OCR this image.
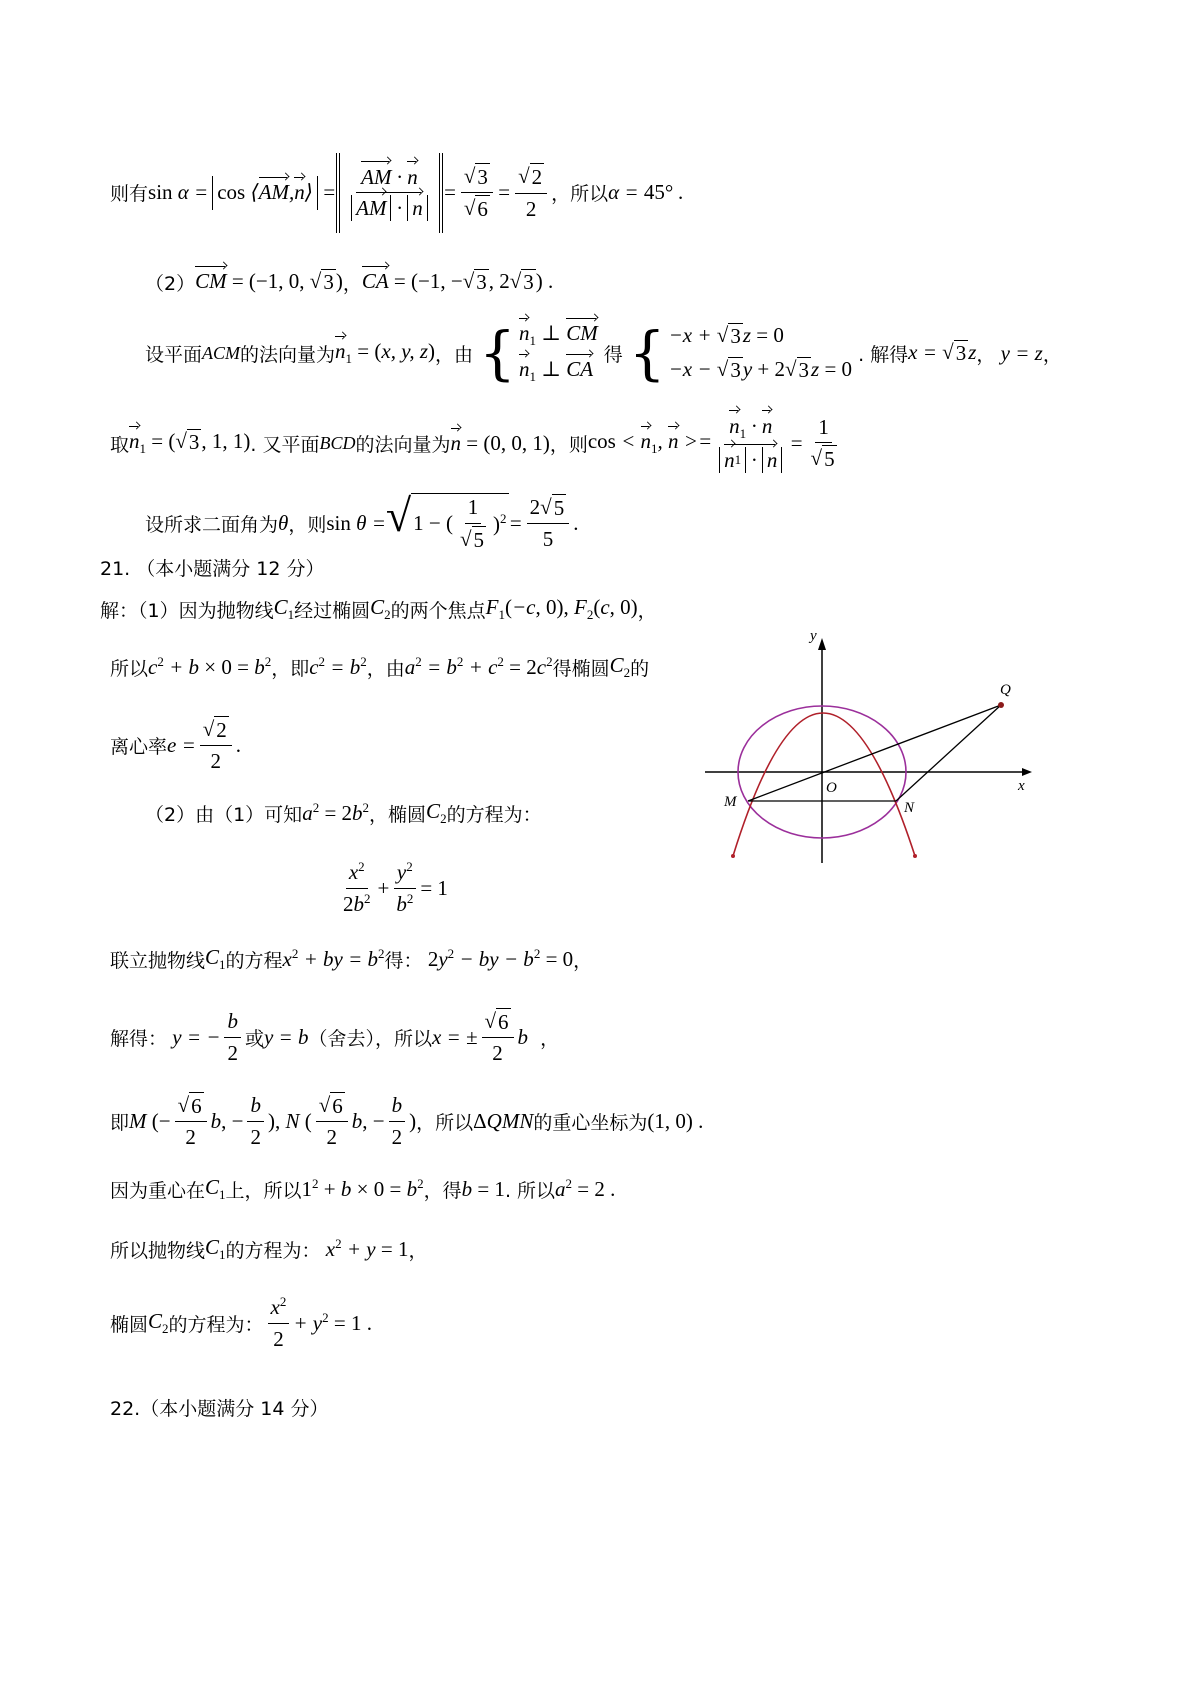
则有 sin α = cos ⟨ AM , n ⟩ = $\frac{AM \cdot n}{AM \cdot n} = \frac{√ 3}{√ 6} = \frac{√ 2}{2}$ ，所以 α = 45° .
（2） CM = (−1, 0, √ 3 ) ， CA = (−1, − √ 3 , 2 √ 3 ) .
设平面 ACM 的法向量为 $n_1 = (x$, y, z) ，由 { $n_1$ ⊥ CM
$n_1$ ⊥ CA
得 { −x + √ 3 z = 0
−x − √ 3 y + 2 √ 3 z = 0
. 解得 x = √ 3 z ， y = z ，
取 $n_1$ = ( √ 3 , 1, 1) . 又平面 BCD 的法向量为 n = (0, 0, 1) ，则 $\cos < n_1$, $n >= \frac{n_1 \cdot n}{n 1 \cdot n} = \frac{1}{√ 5}$
设所求二面角为 θ ，则 sin θ = √ 1 − ( $\frac{1}{√ 5} )^2 = \frac{2 √ 5}{5}$ .
21. （本小题满分 12 分）
解：（1）因为抛物线 $C_1$ 经过椭圆 $C_2$ 的两个焦点 $F_1(-c$, 0), $F_2(c$, 0) ，
所以 $c^2 + b \times 0 = b^2$ ，即 $c^2 = b^2$ ，由 $a^2 = b^2 + c^2 = 2c^2$ 得椭圆 $C_2$ 的
离心率 $e = \frac{√ 2}{2}$ .
（2）由（1）可知 $a^2 = 2b^2$ ，椭圆 $C_2$ 的方程为：
$\frac{x^2}{2b^2} + \frac{y^2}{b^2} = 1$
联立抛物线 $C_1$ 的方程 $x^2$ + by = $b^2$ 得： $2y^2$ − by − $b^2 = 0$ ，
解得： y = − $\frac{b}{2}$ 或 y = b （舍去），所以 x = ± $\frac{√ 6}{2}$ b ，
即 M (− $\frac{√ 6}{2} b$, − $\frac{b}{2}$ ), N ( $\frac{√ 6}{2} b$, − $\frac{b}{2}$ ) ，所以 ΔQMN 的重心坐标为 (1, 0) .
因为重心在 $C_1$ 上，所以 $1^2 + b \times 0 = b^2$ ，得 b = 1 . 所以 $a^2 = 2$ .
所以抛物线 $C_1$ 的方程为： $x^2 + y = 1$ ，
椭圆 $C_2$ 的方程为： $\frac{x^2}{2} + y^2 = 1$ .
22.（本小题满分 14 分）
x
y
O
M	N
Q
